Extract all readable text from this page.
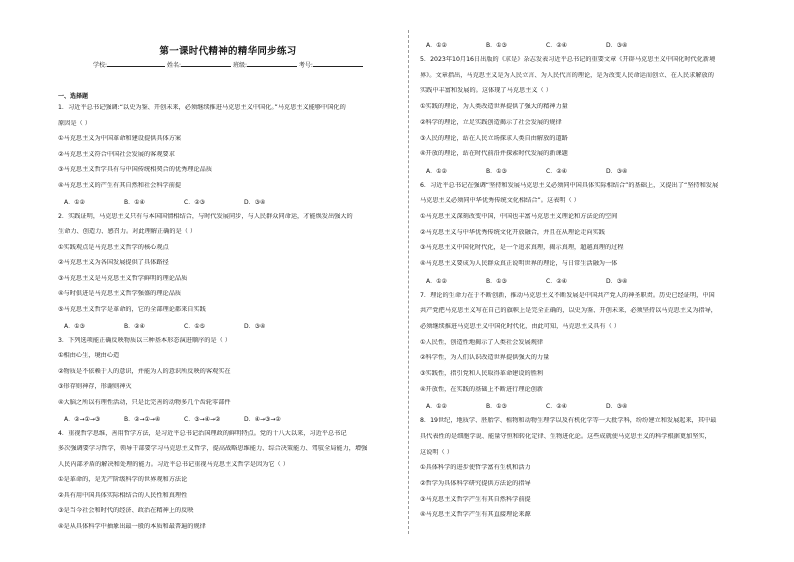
第一课时代精神的精华同步练习
学校:	姓名:	班级:	考号:
一、选择题
1．习近平总书记强调:“以史为鉴、开创未来，必须继续推进马克思主义中国化。”马克思主义能够中国化的
原因是（ ）
①马克思主义为中国革命和建设提供具体方案
②马克思主义符合中国社会发展的客观要求
③马克思主义哲学具有与中国传统相契合的优秀理论品质
④马克思主义的产生有其自然和社会科学前提
A．①②	B．①④	C．②③	D．③④
2．实践证明，马克思主义只有与本国国情相结合，与时代发展同步，与人民群众同命运，才能焕发出强大的
生命力、创造力、感召力。对此理解正确的是（ ）
①实践观点是马克思主义哲学的核心观点
②马克思主义为各国发展提供了具体路径
③马克思主义是马克思主义哲学鲜明的理论品质
④与时俱进是马克思主义哲学强盛的理论品质
⑤马克思主义哲学是革命的，它的全部理论都来自实践
A．①③	B．②④	C．①⑤	D．③④
3．下列选项能正确反映物质以三种基本形态演进顺序的是（ ）
①相由心生，境由心造
②物质是不依赖于人的意识，并能为人的意识所反映的客观实在
③形存则神存，形谢则神灭
④大脑之所以有理性活动，只是比完善的动物多几个齿轮零部件
A．②→①→③	B．②→①→④	C．③→④→②	D．④→③→②
4．重视哲学思维，善用哲学方法，是习近平总书记治国理政的鲜明特点。党的十八大以来，习近平总书记
多次强调要学习哲学，领导干部要学习马克思主义哲学，提高战略思维能力、综合决策能力、驾驭全局能力，增强
人民内部矛盾的解决和处理的能力。习近平总书记重视马克思主义哲学是因为它（ ）
①是革命的，是无产阶级科学的世界观和方法论
②具有用中国具体实际相结合的人民性和真理性
③是当今社会和时代的经济、政治在精神上的反映
④是从具体科学中抽象出最一般的本质和最普遍的规律
A．①②	B．①③	C．②④	D．③④
5．2023年10月16日出版的《求是》杂志发表习近平总书记的重要文章《开辟马克思主义中国化时代化新境
界》。文章指出，马克思主义是为人民立言、为人民代言的理论，是为改变人民命运而创立、在人民求解放的
实践中丰富和发展的。这体现了马克思主义（ ）
①实践的理论，为人类改造世界提供了强大的精神力量
②科学的理论，立足实践创造揭示了社会发展的规律
③人民的理论，站在人民立场探求人类自由解放的道路
④开放的理论，站在时代前沿并探索时代发展的新课题
A．①②	B．①③	C．②④	D．③④
6．习近平总书记在强调“坚持和发展马克思主义必须同中国具体实际相结合”的基础上，又提出了“坚持和发展
马克思主义必须同中华优秀传统文化相结合”。这表明（ ）
①马克思主义深刻改变中国，中国也丰富马克思主义理论和方法论的空间
②马克思主义与中华优秀传统文化开放融合，并且在从理论走向实践
③马克思主义中国化时代化，是一个追求真理，揭示真理，超越真理的过程
④马克思主义要成为人民群众真正说明世界的理论，与日常生活融为一体
A．①②	B．①③	C．②④	D．③④
7．理论的生命力在于不断创新，推动马克思主义不断发展是中国共产党人的神圣职责。历史已经证明，中国
共产党把马克思主义写在自己的旗帜上是完全正确的，以史为鉴、开创未来，必须坚持以马克思主义为指导，
必须继续推进马克思主义中国化时代化，由此可知，马克思主义具有（ ）
①人民性，创造性地揭示了人类社会发展规律
②科学性，为人们认识改造世界提供强大的力量
③实践性，指引党和人民取得革命建设的胜利
④开放性，在实践的基础上不断进行理论创新
A．①②	B．①③	C．②④	D．③④
8．19世纪，地质学、胚胎学、植物和动物生理学以及有机化学等一大批学科，纷纷建立和发展起来，其中最
具代表性的是细胞学说、能量守恒和转化定律、生物进化论。这些成就使马克思主义的科学根据更加坚实，
这说明（ ）
①具体科学的进步使哲学富有生机和活力
②哲学为具体科学研究提供方法论的指导
③马克思主义哲学产生有其自然科学前提
④马克思主义哲学产生有其直接理论来源
